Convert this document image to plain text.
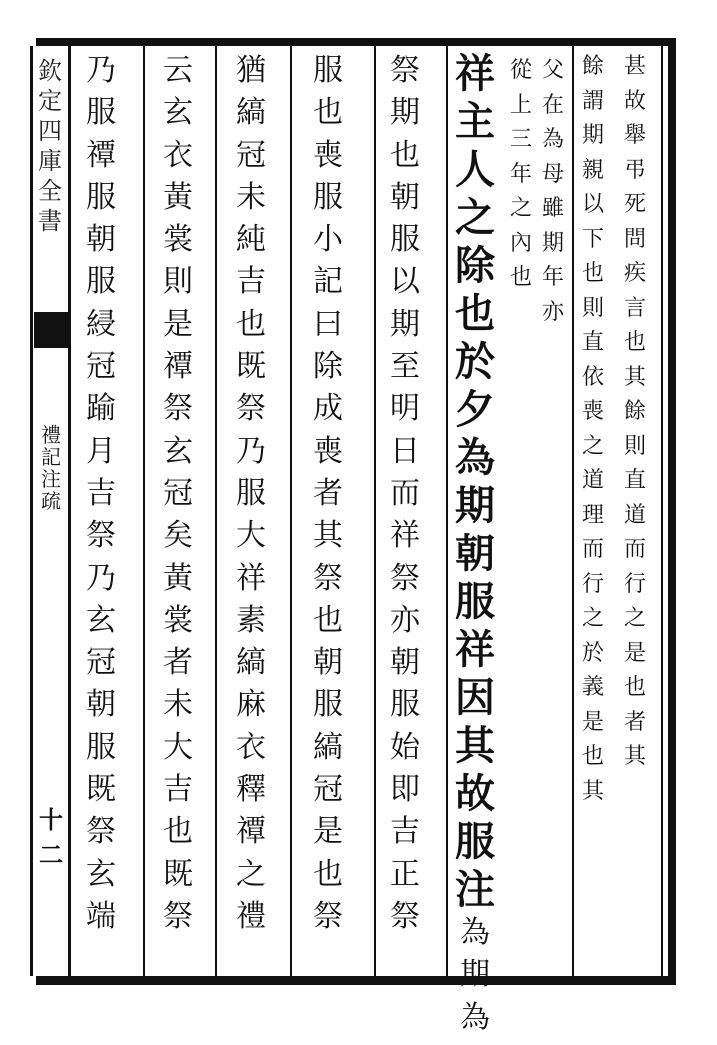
欽
定
四
庫
全
書
禮
記
注
疏
十二
甚
故
舉
弔
死
問
疾
言
也
其
餘
則
直
道
而
行
之
是
也
者
其
餘
謂
期
親
以
下
也
則
直
依
喪
之
道
理
而
行
之
於
義
是
也
其
父
在
為
母
雖
期
年
亦
從
上
三
年
之
內
也
祥
主
人
之
除
也
於
夕
為
期
朝
服
祥
因
其
故
服
注
為
期
為
祭
期
也
朝
服
以
期
至
明
日
而
祥
祭
亦
朝
服
始
即
吉
正
祭
服
也
喪
服
小
記
曰
除
成
喪
者
其
祭
也
朝
服
縞
冠
是
也
祭
猶
縞
冠
未
純
吉
也
既
祭
乃
服
大
祥
素
縞
麻
衣
釋
禫
之
禮
云
玄
衣
黃
裳
則
是
禫
祭
玄
冠
矣
黃
裳
者
未
大
吉
也
既
祭
乃
服
禫
服
朝
服
綅
冠
踰
月
吉
祭
乃
玄
冠
朝
服
既
祭
玄
端
